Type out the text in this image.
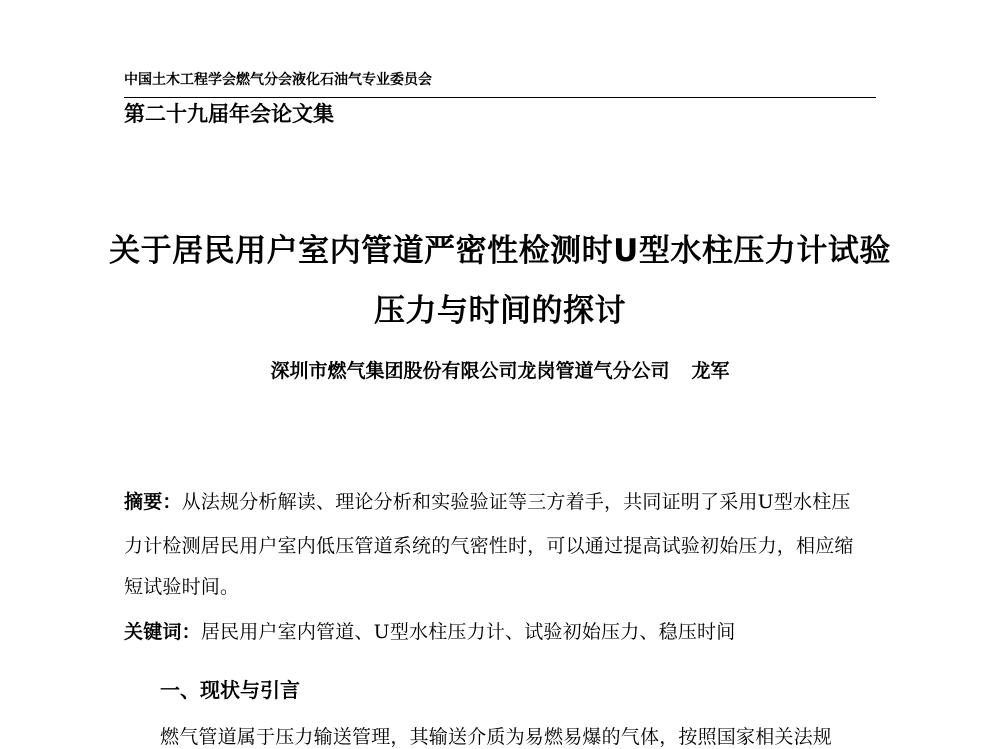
中国土木工程学会燃气分会液化石油气专业委员会
第二十九届年会论文集
关于居民用户室内管道严密性检测时U型水柱压力计试验
压力与时间的探讨
深圳市燃气集团股份有限公司龙岗管道气分公司 龙军
摘要：从法规分析解读、理论分析和实验验证等三方着手，共同证明了采用U型水柱压
力计检测居民用户室内低压管道系统的气密性时，可以通过提高试验初始压力，相应缩
短试验时间。
关键词：居民用户室内管道、U型水柱压力计、试验初始压力、稳压时间
一、现状与引言
燃气管道属于压力输送管理，其输送介质为易燃易爆的气体，按照国家相关法规
